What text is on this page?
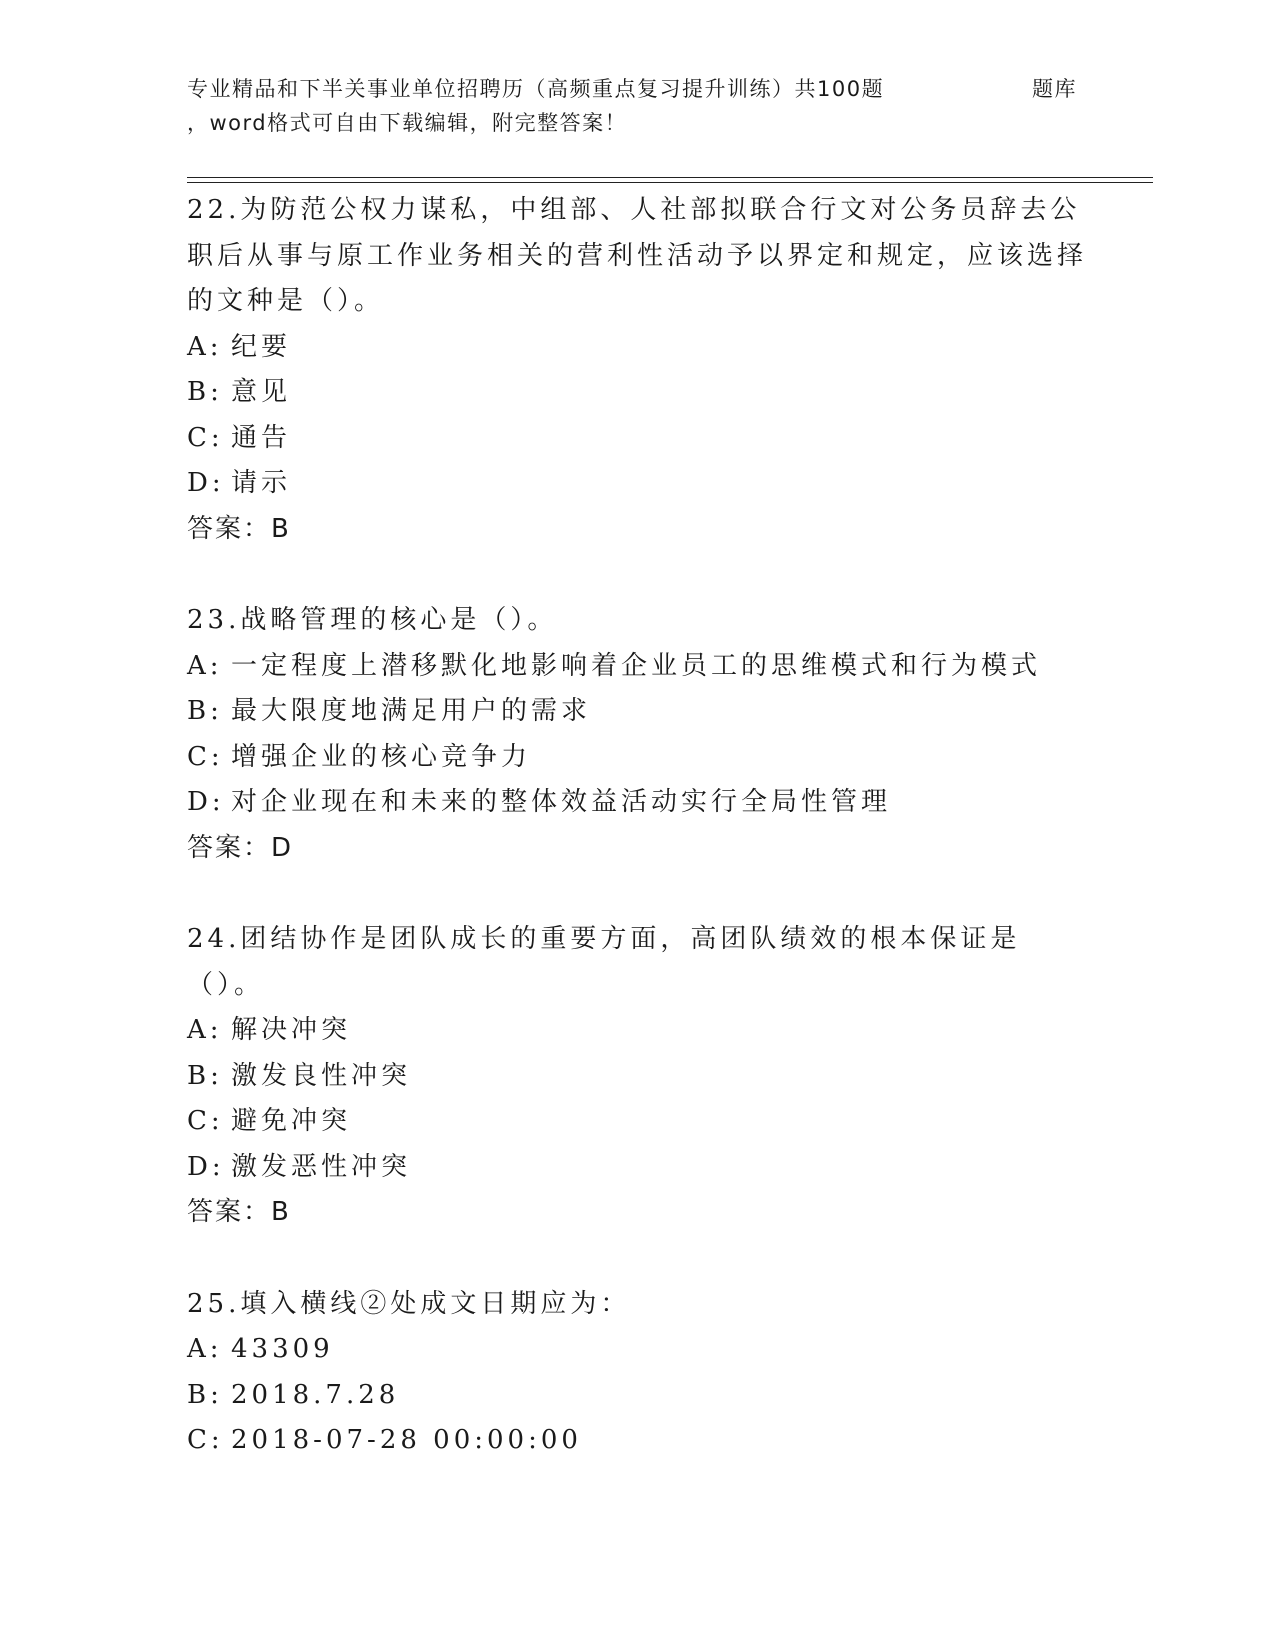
专业精品和下半关事业单位招聘历（高频重点复习提升训练）共100题	题库
，word格式可自由下载编辑，附完整答案！
22.为防范公权力谋私，中组部、人社部拟联合行文对公务员辞去公职后从事与原工作业务相关的营利性活动予以界定和规定，应该选择的文种是（）。
A: 纪要
B: 意见
C: 通告
D: 请示
答案：B
23.战略管理的核心是（）。
A: 一定程度上潜移默化地影响着企业员工的思维模式和行为模式
B: 最大限度地满足用户的需求
C: 增强企业的核心竞争力
D: 对企业现在和未来的整体效益活动实行全局性管理
答案：D
24.团结协作是团队成长的重要方面，高团队绩效的根本保证是（）。
A: 解决冲突
B: 激发良性冲突
C: 避免冲突
D: 激发恶性冲突
答案：B
25.填入横线②处成文日期应为：
A: 43309
B: 2018.7.28
C: 2018-07-28 00:00:00
